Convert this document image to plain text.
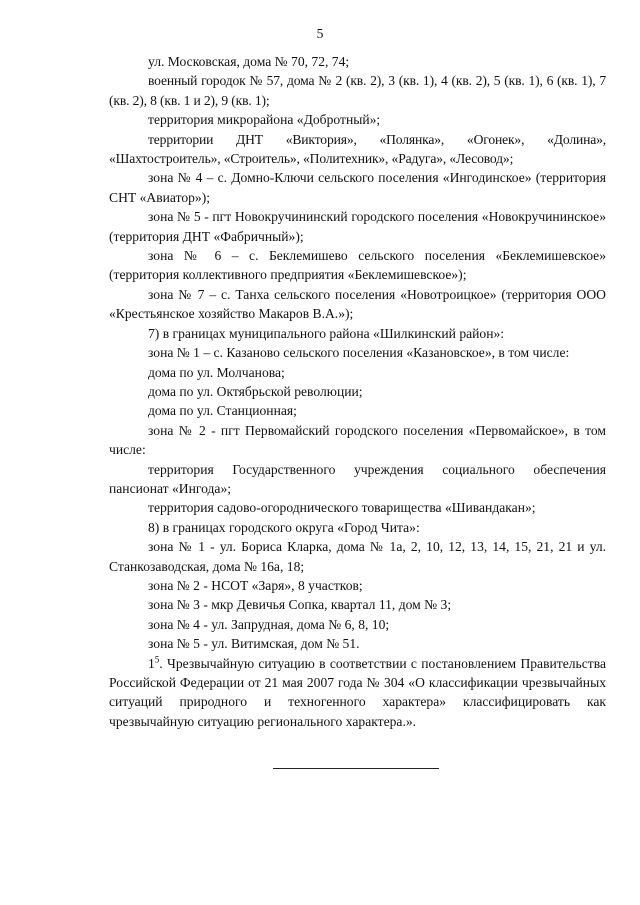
5

ул. Московская, дома № 70, 72, 74;

военный городок № 57, дома № 2 (кв. 2), 3 (кв. 1), 4 (кв. 2), 5 (кв. 1), 6 (кв. 1), 7 (кв. 2), 8 (кв. 1 и 2), 9 (кв. 1);

территория микрорайона «Добротный»;

территории ДНТ «Виктория», «Полянка», «Огонек», «Долина», «Шахтостроитель», «Строитель», «Политехник», «Радуга», «Лесовод»;

зона № 4 – с. Домно-Ключи сельского поселения «Ингодинское» (территория СНТ «Авиатор»);

зона № 5 - пгт Новокручининский городского поселения «Новокручининское» (территория ДНТ «Фабричный»);

зона № 6 – с. Беклемишево сельского поселения «Беклемишевское» (территория коллективного предприятия «Беклемишевское»);

зона № 7 – с. Танха сельского поселения «Новотроицкое» (территория ООО «Крестьянское хозяйство Макаров В.А.»);

7) в границах муниципального района «Шилкинский район»:

зона № 1 – с. Казаново сельского поселения «Казановское», в том числе:

дома по ул. Молчанова;

дома по ул. Октябрьской революции;

дома по ул. Станционная;

зона № 2 - пгт Первомайский городского поселения «Первомайское», в том числе:

территория Государственного учреждения социального обеспечения пансионат «Ингода»;

территория садово-огороднического товарищества «Шивандакан»;

8) в границах городского округа «Город Чита»:

зона № 1 - ул. Бориса Кларка, дома № 1а, 2, 10, 12, 13, 14, 15, 21, 21 и ул. Станкозаводская, дома № 16а, 18;

зона № 2 - НСОТ «Заря», 8 участков;

зона № 3 - мкр Девичья Сопка, квартал 11, дом № 3;

зона № 4 - ул. Запрудная, дома № 6, 8, 10;

зона № 5 - ул. Витимская, дом № 51.

$1^5$. Чрезвычайную ситуацию в соответствии с постановлением Правительства Российской Федерации от 21 мая 2007 года № 304 «О классификации чрезвычайных ситуаций природного и техногенного характера» классифицировать как чрезвычайную ситуацию регионального характера.».
